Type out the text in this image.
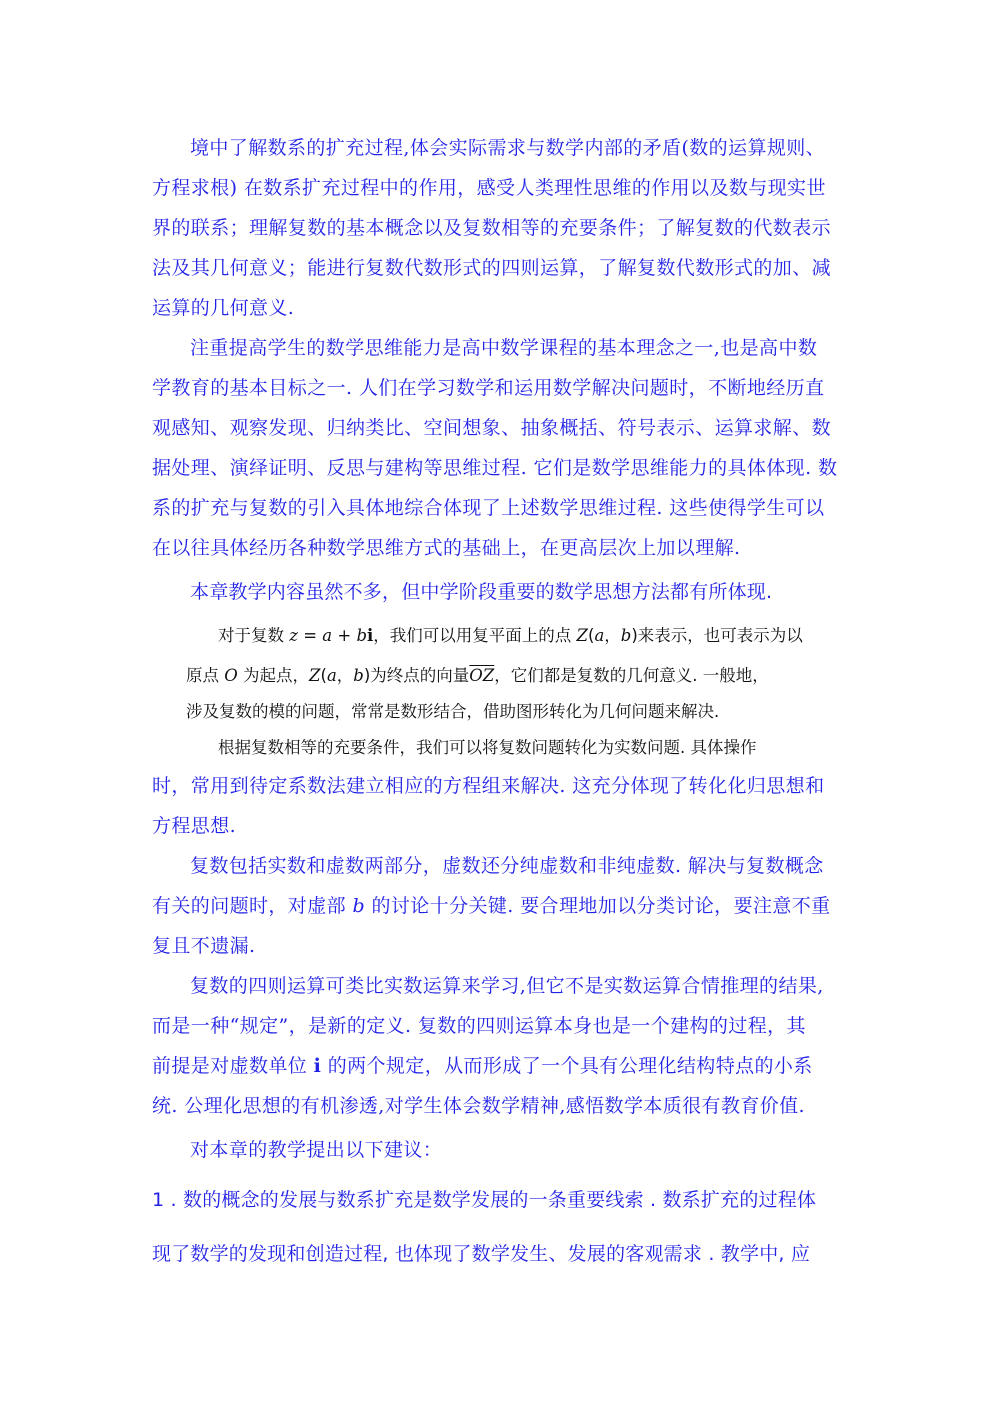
境中了解数系的扩充过程,体会实际需求与数学内部的矛盾(数的运算规则、
方程求根) 在数系扩充过程中的作用，感受人类理性思维的作用以及数与现实世
界的联系；理解复数的基本概念以及复数相等的充要条件；了解复数的代数表示
法及其几何意义；能进行复数代数形式的四则运算，了解复数代数形式的加、减
运算的几何意义.
注重提高学生的数学思维能力是高中数学课程的基本理念之一,也是高中数
学教育的基本目标之一. 人们在学习数学和运用数学解决问题时，不断地经历直
观感知、观察发现、归纳类比、空间想象、抽象概括、符号表示、运算求解、数
据处理、演绎证明、反思与建构等思维过程. 它们是数学思维能力的具体体现. 数
系的扩充与复数的引入具体地综合体现了上述数学思维过程. 这些使得学生可以
在以往具体经历各种数学思维方式的基础上，在更高层次上加以理解.
本章教学内容虽然不多，但中学阶段重要的数学思想方法都有所体现.
对于复数 z = a + bi，我们可以用复平面上的点 Z(a，b)来表示，也可表示为以
原点 O 为起点，Z(a，b)为终点的向量$\overline{OZ}$，它们都是复数的几何意义. 一般地，
涉及复数的模的问题，常常是数形结合，借助图形转化为几何问题来解决.
根据复数相等的充要条件，我们可以将复数问题转化为实数问题. 具体操作
时，常用到待定系数法建立相应的方程组来解决. 这充分体现了转化化归思想和
方程思想.
复数包括实数和虚数两部分，虚数还分纯虚数和非纯虚数. 解决与复数概念
有关的问题时，对虚部 b 的讨论十分关键. 要合理地加以分类讨论，要注意不重
复且不遗漏.
复数的四则运算可类比实数运算来学习,但它不是实数运算合情推理的结果,
而是一种“规定”，是新的定义. 复数的四则运算本身也是一个建构的过程，其
前提是对虚数单位 i 的两个规定，从而形成了一个具有公理化结构特点的小系
统. 公理化思想的有机渗透,对学生体会数学精神,感悟数学本质很有教育价值.
对本章的教学提出以下建议：
1 . 数的概念的发展与数系扩充是数学发展的一条重要线索 . 数系扩充的过程体
现了数学的发现和创造过程, 也体现了数学发生、发展的客观需求 . 教学中, 应
